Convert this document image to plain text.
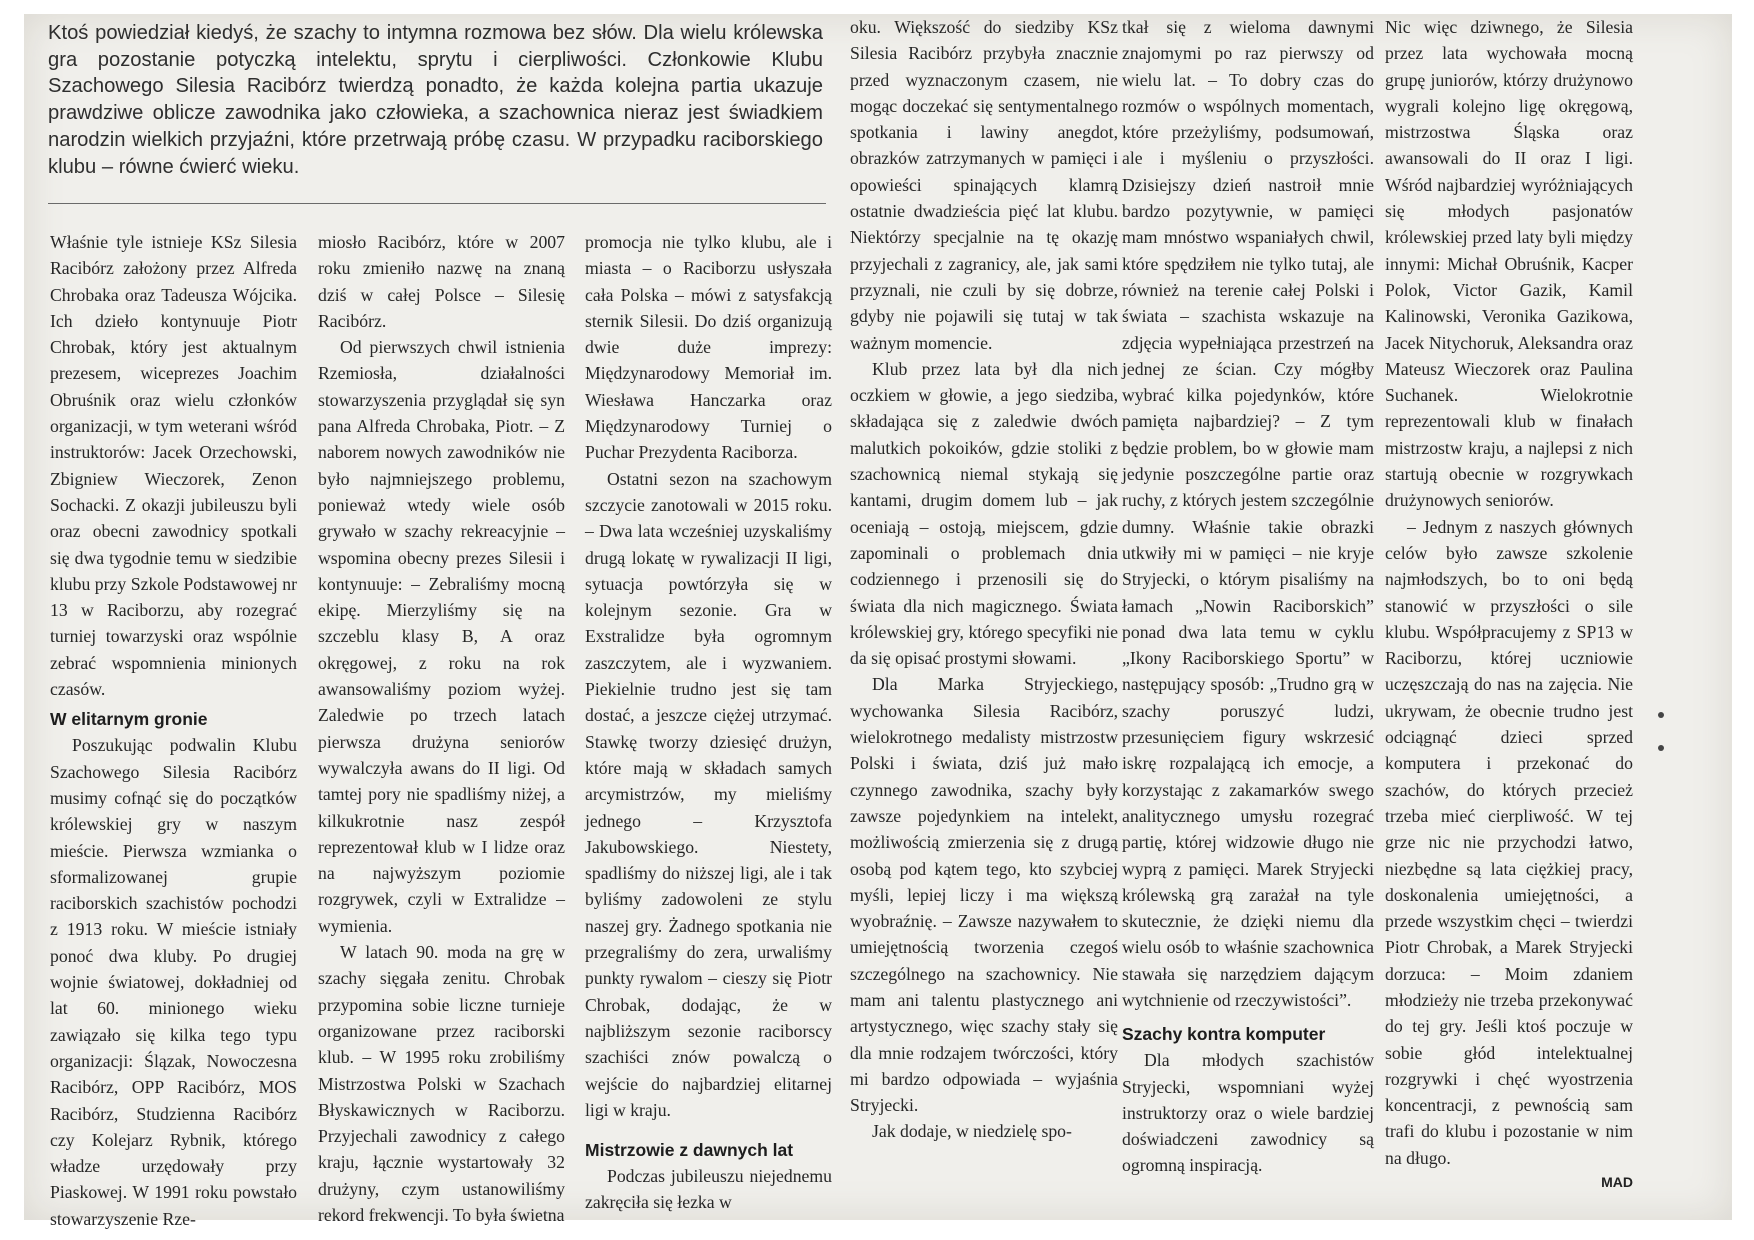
Ktoś powiedział kiedyś, że szachy to intymna rozmowa bez słów. Dla wielu królewska gra pozostanie potyczką intelektu, sprytu i cierpliwości. Członkowie Klubu Szachowego Silesia Racibórz twierdzą ponadto, że każda kolejna partia ukazuje prawdziwe oblicze zawodnika jako człowieka, a szachownica nieraz jest świadkiem narodzin wielkich przyjaźni, które przetrwają próbę czasu. W przypadku raciborskiego klubu – równe ćwierć wieku.

Właśnie tyle istnieje KSz Silesia Racibórz założony przez Alfreda Chrobaka oraz Tadeusza Wójcika. Ich dzieło kontynuuje Piotr Chrobak, który jest aktualnym prezesem, wiceprezes Joachim Obruśnik oraz wielu członków organizacji, w tym weterani wśród instruktorów: Jacek Orzechowski, Zbigniew Wieczorek, Zenon Sochacki. Z okazji jubileuszu byli oraz obecni zawodnicy spotkali się dwa tygodnie temu w siedzibie klubu przy Szkole Podstawowej nr 13 w Raciborzu, aby rozegrać turniej towarzyski oraz wspólnie zebrać wspomnienia minionych czasów.

W elitarnym gronie

Poszukując podwalin Klubu Szachowego Silesia Racibórz musimy cofnąć się do początków królewskiej gry w naszym mieście. Pierwsza wzmianka o sformalizowanej grupie raciborskich szachistów pochodzi z 1913 roku. W mieście istniały ponoć dwa kluby. Po drugiej wojnie światowej, dokładniej od lat 60. minionego wieku zawiązało się kilka tego typu organizacji: Ślązak, Nowoczesna Racibórz, OPP Racibórz, MOS Racibórz, Studzienna Racibórz czy Kolejarz Rybnik, którego władze urzędowały przy Piaskowej. W 1991 roku powstało stowarzyszenie Rze-

miosło Racibórz, które w 2007 roku zmieniło nazwę na znaną dziś w całej Polsce – Silesię Racibórz.

Od pierwszych chwil istnienia Rzemiosła, działalności stowarzyszenia przyglądał się syn pana Alfreda Chrobaka, Piotr. – Z naborem nowych zawodników nie było najmniejszego problemu, ponieważ wtedy wiele osób grywało w szachy rekreacyjnie – wspomina obecny prezes Silesii i kontynuuje: – Zebraliśmy mocną ekipę. Mierzyliśmy się na szczeblu klasy B, A oraz okręgowej, z roku na rok awansowaliśmy poziom wyżej. Zaledwie po trzech latach pierwsza drużyna seniorów wywalczyła awans do II ligi. Od tamtej pory nie spadliśmy niżej, a kilkukrotnie nasz zespół reprezentował klub w I lidze oraz na najwyższym poziomie rozgrywek, czyli w Extralidze – wymienia.

W latach 90. moda na grę w szachy sięgała zenitu. Chrobak przypomina sobie liczne turnieje organizowane przez raciborski klub. – W 1995 roku zrobiliśmy Mistrzostwa Polski w Szachach Błyskawicznych w Raciborzu. Przyjechali zawodnicy z całego kraju, łącznie wystartowały 32 drużyny, czym ustanowiliśmy rekord frekwencji. To była świetna

promocja nie tylko klubu, ale i miasta – o Raciborzu usłyszała cała Polska – mówi z satysfakcją sternik Silesii. Do dziś organizują dwie duże imprezy: Międzynarodowy Memoriał im. Wiesława Hanczarka oraz Międzynarodowy Turniej o Puchar Prezydenta Raciborza.

Ostatni sezon na szachowym szczycie zanotowali w 2015 roku. – Dwa lata wcześniej uzyskaliśmy drugą lokatę w rywalizacji II ligi, sytuacja powtórzyła się w kolejnym sezonie. Gra w Exstralidze była ogromnym zaszczytem, ale i wyzwaniem. Piekielnie trudno jest się tam dostać, a jeszcze ciężej utrzymać. Stawkę tworzy dziesięć drużyn, które mają w składach samych arcymistrzów, my mieliśmy jednego – Krzysztofa Jakubowskiego. Niestety, spadliśmy do niższej ligi, ale i tak byliśmy zadowoleni ze stylu naszej gry. Żadnego spotkania nie przegraliśmy do zera, urwaliśmy punkty rywalom – cieszy się Piotr Chrobak, dodając, że w najbliższym sezonie raciborscy szachiści znów powalczą o wejście do najbardziej elitarnej ligi w kraju.

Mistrzowie z dawnych lat

Podczas jubileuszu niejednemu zakręciła się łezka w

oku. Większość do siedziby KSz Silesia Racibórz przybyła znacznie przed wyznaczonym czasem, nie mogąc doczekać się sentymentalnego spotkania i lawiny anegdot, obrazków zatrzymanych w pamięci i opowieści spinających klamrą ostatnie dwadzieścia pięć lat klubu. Niektórzy specjalnie na tę okazję przyjechali z zagranicy, ale, jak sami przyznali, nie czuli by się dobrze, gdyby nie pojawili się tutaj w tak ważnym momencie.

Klub przez lata był dla nich oczkiem w głowie, a jego siedziba, składająca się z zaledwie dwóch malutkich pokoików, gdzie stoliki z szachownicą niemal stykają się kantami, drugim domem lub – jak oceniają – ostoją, miejscem, gdzie zapominali o problemach dnia codziennego i przenosili się do świata dla nich magicznego. Świata królewskiej gry, którego specyfiki nie da się opisać prostymi słowami.

Dla Marka Stryjeckiego, wychowanka Silesia Racibórz, wielokrotnego medalisty mistrzostw Polski i świata, dziś już mało czynnego zawodnika, szachy były zawsze pojedynkiem na intelekt, możliwością zmierzenia się z drugą osobą pod kątem tego, kto szybciej myśli, lepiej liczy i ma większą wyobraźnię. – Zawsze nazywałem to umiejętnością tworzenia czegoś szczególnego na szachownicy. Nie mam ani talentu plastycznego ani artystycznego, więc szachy stały się dla mnie rodzajem twórczości, który mi bardzo odpowiada – wyjaśnia Stryjecki.

Jak dodaje, w niedzielę spo-

tkał się z wieloma dawnymi znajomymi po raz pierwszy od wielu lat. – To dobry czas do rozmów o wspólnych momentach, które przeżyliśmy, podsumowań, ale i myśleniu o przyszłości. Dzisiejszy dzień nastroił mnie bardzo pozytywnie, w pamięci mam mnóstwo wspaniałych chwil, które spędziłem nie tylko tutaj, ale również na terenie całej Polski i świata – szachista wskazuje na zdjęcia wypełniająca przestrzeń na jednej ze ścian. Czy mógłby wybrać kilka pojedynków, które pamięta najbardziej? – Z tym będzie problem, bo w głowie mam jedynie poszczególne partie oraz ruchy, z których jestem szczególnie dumny. Właśnie takie obrazki utkwiły mi w pamięci – nie kryje Stryjecki, o którym pisaliśmy na łamach „Nowin Raciborskich” ponad dwa lata temu w cyklu „Ikony Raciborskiego Sportu” w następujący sposób: „Trudno grą w szachy poruszyć ludzi, przesunięciem figury wskrzesić iskrę rozpalającą ich emocje, a korzystając z zakamarków swego analitycznego umysłu rozegrać partię, której widzowie długo nie wyprą z pamięci. Marek Stryjecki królewską grą zarażał na tyle skutecznie, że dzięki niemu dla wielu osób to właśnie szachownica stawała się narzędziem dającym wytchnienie od rzeczywistości”.

Szachy kontra komputer

Dla młodych szachistów Stryjecki, wspomniani wyżej instruktorzy oraz o wiele bardziej doświadczeni zawodnicy są ogromną inspiracją.

Nic więc dziwnego, że Silesia przez lata wychowała mocną grupę juniorów, którzy drużynowo wygrali kolejno ligę okręgową, mistrzostwa Śląska oraz awansowali do II oraz I ligi. Wśród najbardziej wyróżniających się młodych pasjonatów królewskiej przed laty byli między innymi: Michał Obruśnik, Kacper Polok, Victor Gazik, Kamil Kalinowski, Veronika Gazikowa, Jacek Nitychoruk, Aleksandra oraz Mateusz Wieczorek oraz Paulina Suchanek. Wielokrotnie reprezentowali klub w finałach mistrzostw kraju, a najlepsi z nich startują obecnie w rozgrywkach drużynowych seniorów.

– Jednym z naszych głównych celów było zawsze szkolenie najmłodszych, bo to oni będą stanowić w przyszłości o sile klubu. Współpracujemy z SP13 w Raciborzu, której uczniowie uczęszczają do nas na zajęcia. Nie ukrywam, że obecnie trudno jest odciągnąć dzieci sprzed komputera i przekonać do szachów, do których przecież trzeba mieć cierpliwość. W tej grze nic nie przychodzi łatwo, niezbędne są lata ciężkiej pracy, doskonalenia umiejętności, a przede wszystkim chęci – twierdzi Piotr Chrobak, a Marek Stryjecki dorzuca: – Moim zdaniem młodzieży nie trzeba przekonywać do tej gry. Jeśli ktoś poczuje w sobie głód intelektualnej rozgrywki i chęć wyostrzenia koncentracji, z pewnością sam trafi do klubu i pozostanie w nim na długo.

MAD
